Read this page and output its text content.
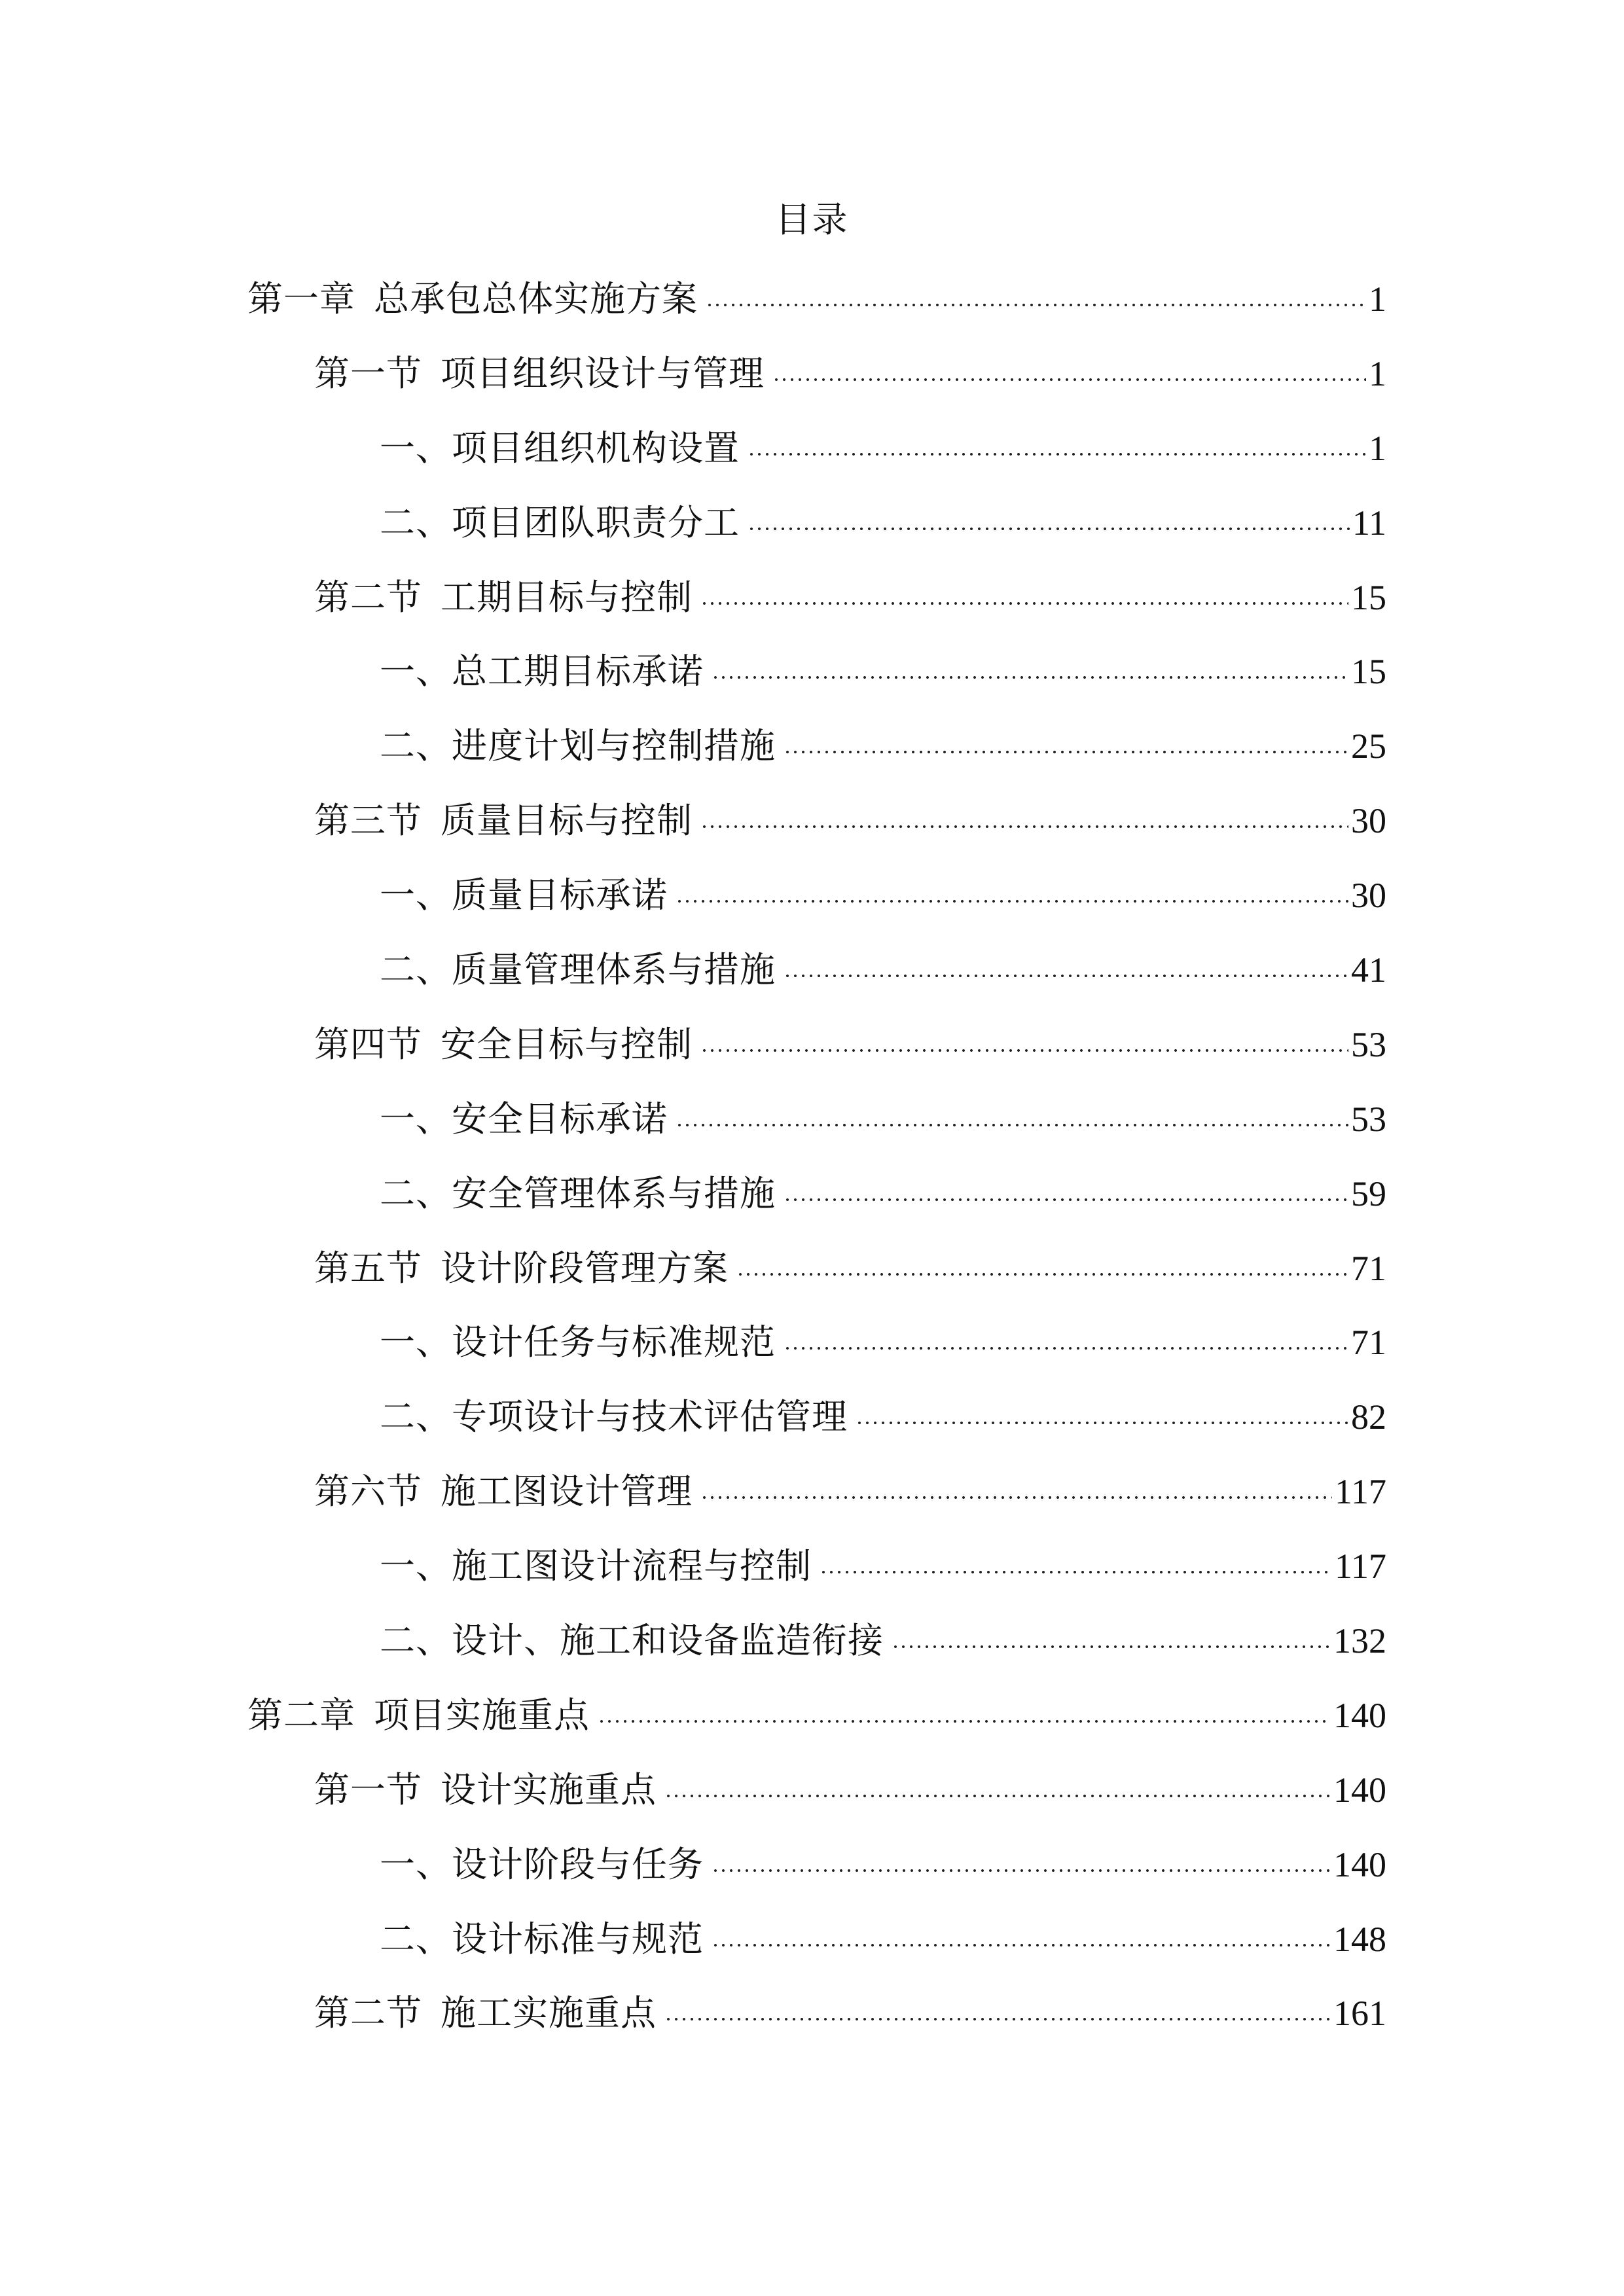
目录
第一章 总承包总体实施方案	1
第一节 项目组织设计与管理	1
一、项目组织机构设置	1
二、项目团队职责分工	11
第二节 工期目标与控制	15
一、总工期目标承诺	15
二、进度计划与控制措施	25
第三节 质量目标与控制	30
一、质量目标承诺	30
二、质量管理体系与措施	41
第四节 安全目标与控制	53
一、安全目标承诺	53
二、安全管理体系与措施	59
第五节 设计阶段管理方案	71
一、设计任务与标准规范	71
二、专项设计与技术评估管理	82
第六节 施工图设计管理	117
一、施工图设计流程与控制	117
二、设计、施工和设备监造衔接	132
第二章 项目实施重点	140
第一节 设计实施重点	140
一、设计阶段与任务	140
二、设计标准与规范	148
第二节 施工实施重点	161
